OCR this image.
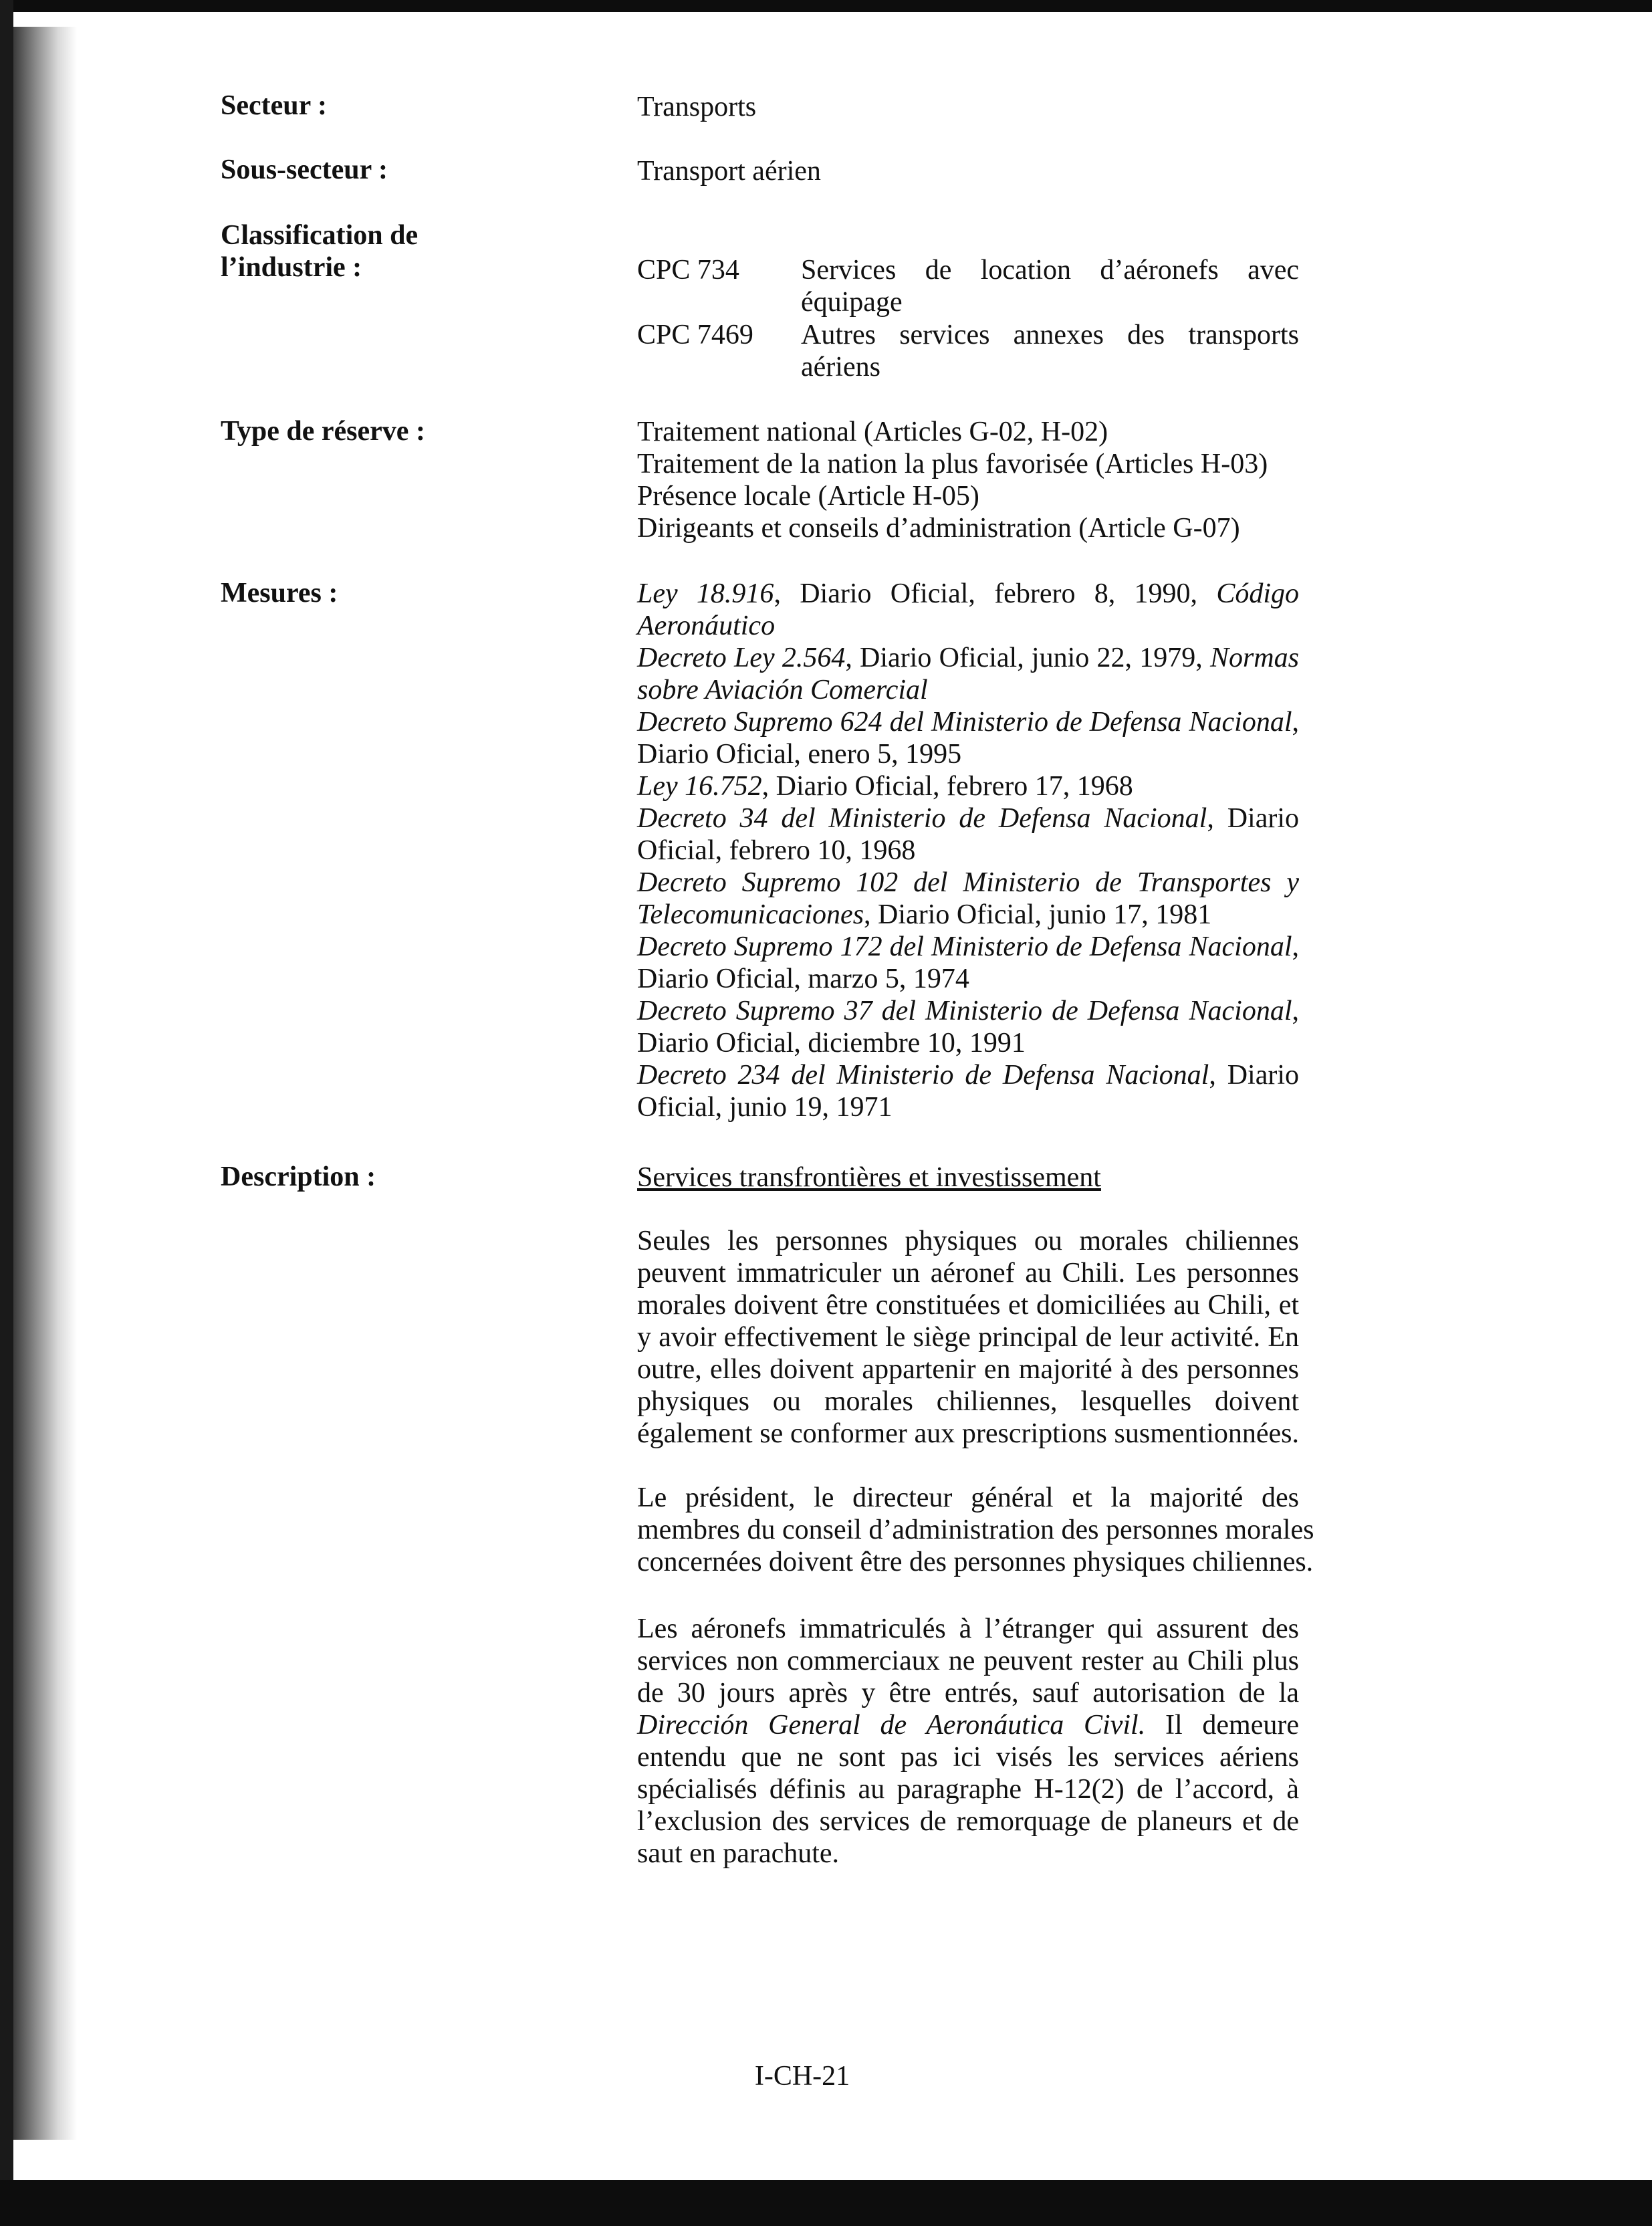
Secteur :
Sous-secteur :
Classification de
l’industrie :
Type de réserve :
Mesures :
Description :
Transports
Transport aérien
CPC 734	Services de location d’aéronefs avec
équipage
CPC 7469	Autres services annexes des transports
aériens
Traitement national (Articles G-02, H-02)
Traitement de la nation la plus favorisée (Articles H-03)
Présence locale (Article H-05)
Dirigeants et conseils d’administration (Article G-07)
Ley 18.916, Diario Oficial, febrero 8, 1990, Código
Aeronáutico
Decreto Ley 2.564, Diario Oficial, junio 22, 1979, Normas
sobre Aviación Comercial
Decreto Supremo 624 del Ministerio de Defensa Nacional,
Diario Oficial, enero 5, 1995
Ley 16.752, Diario Oficial, febrero 17, 1968
Decreto 34 del Ministerio de Defensa Nacional, Diario
Oficial, febrero 10, 1968
Decreto Supremo 102 del Ministerio de Transportes y
Telecomunicaciones, Diario Oficial, junio 17, 1981
Decreto Supremo 172 del Ministerio de Defensa Nacional,
Diario Oficial, marzo 5, 1974
Decreto Supremo 37 del Ministerio de Defensa Nacional,
Diario Oficial, diciembre 10, 1991
Decreto 234 del Ministerio de Defensa Nacional, Diario
Oficial, junio 19, 1971
Services transfrontières et investissement
Seules les personnes physiques ou morales chiliennes
peuvent immatriculer un aéronef au Chili. Les personnes
morales doivent être constituées et domiciliées au Chili, et
y avoir effectivement le siège principal de leur activité. En
outre, elles doivent appartenir en majorité à des personnes
physiques ou morales chiliennes, lesquelles doivent
également se conformer aux prescriptions susmentionnées.
Le président, le directeur général et la majorité des
membres du conseil d’administration des personnes morales
concernées doivent être des personnes physiques chiliennes.
Les aéronefs immatriculés à l’étranger qui assurent des
services non commerciaux ne peuvent rester au Chili plus
de 30 jours après y être entrés, sauf autorisation de la
Dirección General de Aeronáutica Civil. Il demeure
entendu que ne sont pas ici visés les services aériens
spécialisés définis au paragraphe H-12(2) de l’accord, à
l’exclusion des services de remorquage de planeurs et de
saut en parachute.
I-CH-21
